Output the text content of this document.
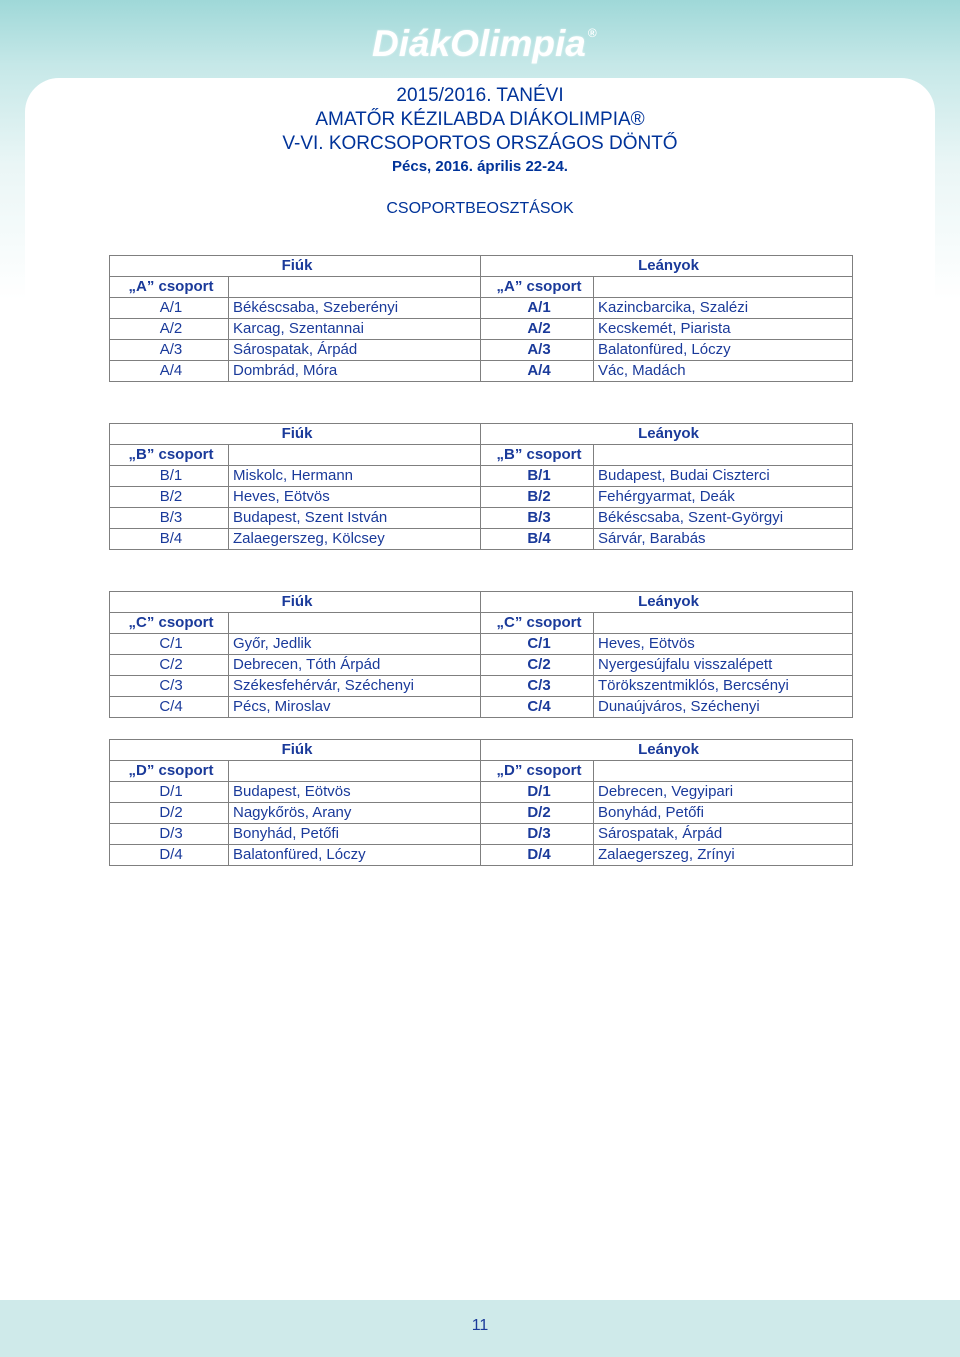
DiákOlimpia ®
2015/2016. TANÉVI
AMATŐR KÉZILABDA DIÁKOLIMPIA®
V-VI. KORCSOPORTOS ORSZÁGOS DÖNTŐ
Pécs, 2016. április 22-24.
CSOPORTBEOSZTÁSOK
Fiúk		Leányok	
„A” csoport		„A” csoport	
A/1	Békéscsaba, Szeberényi	A/1	Kazincbarcika, Szalézi
A/2	Karcag, Szentannai	A/2	Kecskemét, Piarista
A/3	Sárospatak, Árpád	A/3	Balatonfüred, Lóczy
A/4	Dombrád, Móra	A/4	Vác, Madách
Fiúk		Leányok	
„B” csoport		„B” csoport	
B/1	Miskolc, Hermann	B/1	Budapest, Budai Ciszterci
B/2	Heves, Eötvös	B/2	Fehérgyarmat, Deák
B/3	Budapest, Szent István	B/3	Békéscsaba, Szent-Györgyi
B/4	Zalaegerszeg, Kölcsey	B/4	Sárvár, Barabás
Fiúk		Leányok	
„C” csoport		„C” csoport	
C/1	Győr, Jedlik	C/1	Heves, Eötvös
C/2	Debrecen, Tóth Árpád	C/2	Nyergesújfalu visszalépett
C/3	Székesfehérvár, Széchenyi	C/3	Törökszentmiklós, Bercsényi
C/4	Pécs, Miroslav	C/4	Dunaújváros, Széchenyi
Fiúk		Leányok	
„D” csoport		„D” csoport	
D/1	Budapest, Eötvös	D/1	Debrecen, Vegyipari
D/2	Nagykőrös, Arany	D/2	Bonyhád, Petőfi
D/3	Bonyhád, Petőfi	D/3	Sárospatak, Árpád
D/4	Balatonfüred, Lóczy	D/4	Zalaegerszeg, Zrínyi
11
